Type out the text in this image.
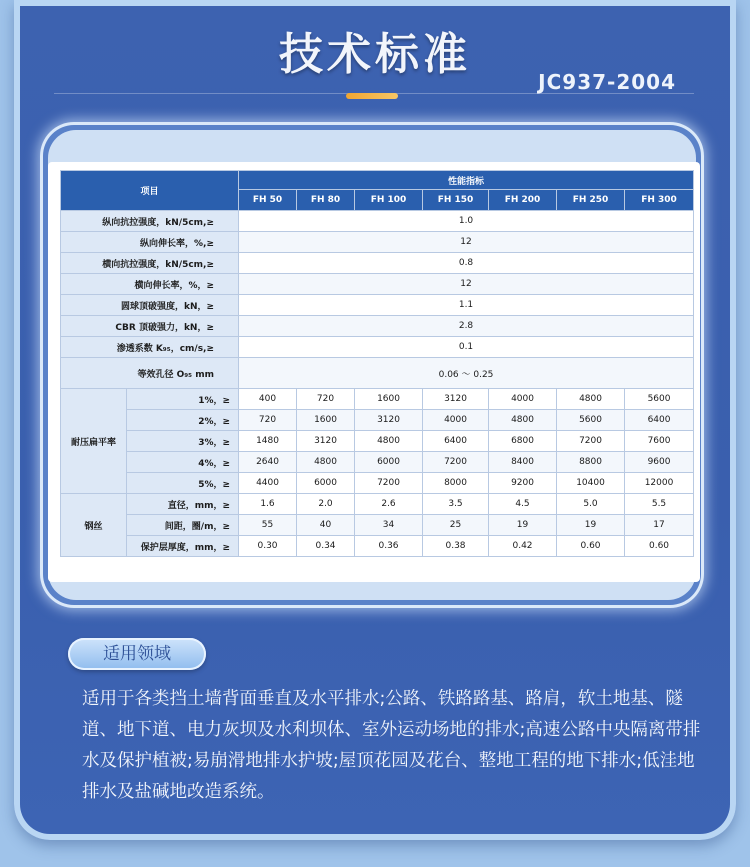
技术标准
JC937-2004
项目		性能指标						
		FH 50	FH 80	FH 100	FH 150	FH 200	FH 250	FH 300
纵向抗拉强度，kN/5cm,≥		1.0						
纵向伸长率，%,≥		12						
横向抗拉强度，kN/5cm,≥		0.8						
横向伸长率，%，≥		12						
圆球顶破强度，kN，≥		1.1						
CBR 顶破强力，kN，≥		2.8						
渗透系数 K₉₅，cm/s,≥		0.1						
等效孔径 O₉₅ mm		0.06 ～ 0.25						
耐压扁平率	1%，≥	400	720	1600	3120	4000	4800	5600
	2%，≥	720	1600	3120	4000	4800	5600	6400
	3%，≥	1480	3120	4800	6400	6800	7200	7600
	4%，≥	2640	4800	6000	7200	8400	8800	9600
	5%，≥	4400	6000	7200	8000	9200	10400	12000
钢丝	直径，mm，≥	1.6	2.0	2.6	3.5	4.5	5.0	5.5
	间距，圈/m，≥	55	40	34	25	19	19	17
	保护层厚度，mm，≥	0.30	0.34	0.36	0.38	0.42	0.60	0.60
适用领域
适用于各类挡土墙背面垂直及水平排水;公路、铁路路基、路肩，软土地基、隧道、地下道、电力灰坝及水利坝体、室外运动场地的排水;高速公路中央隔离带排水及保护植被;易崩滑地排水护坡;屋顶花园及花台、整地工程的地下排水;低洼地排水及盐碱地改造系统。
